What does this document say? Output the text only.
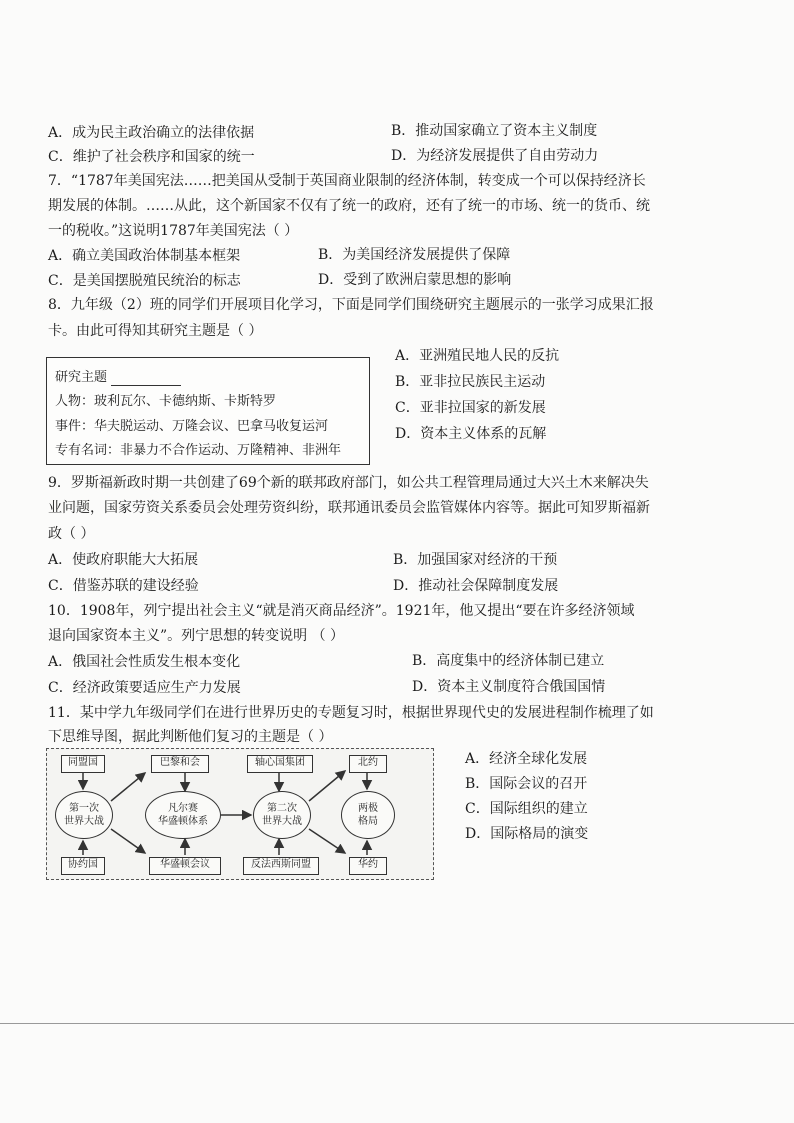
A．成为民主政治确立的法律依据	B．推动国家确立了资本主义制度
C．维护了社会秩序和国家的统一	D．为经济发展提供了自由劳动力
7．“1787年美国宪法……把美国从受制于英国商业限制的经济体制，转变成一个可以保持经济长
期发展的体制。……从此，这个新国家不仅有了统一的政府，还有了统一的市场、统一的货币、统
一的税收。”这说明1787年美国宪法（ ）
A．确立美国政治体制基本框架	B．为美国经济发展提供了保障
C．是美国摆脱殖民统治的标志	D．受到了欧洲启蒙思想的影响
8．九年级（2）班的同学们开展项目化学习，下面是同学们围绕研究主题展示的一张学习成果汇报
卡。由此可得知其研究主题是（ ）
研究主题
人物：玻利瓦尔、卡德纳斯、卡斯特罗
事件：华夫脱运动、万隆会议、巴拿马收复运河
专有名词：非暴力不合作运动、万隆精神、非洲年
A．亚洲殖民地人民的反抗
B．亚非拉民族民主运动
C．亚非拉国家的新发展
D．资本主义体系的瓦解
9．罗斯福新政时期一共创建了69个新的联邦政府部门，如公共工程管理局通过大兴土木来解决失
业问题，国家劳资关系委员会处理劳资纠纷，联邦通讯委员会监管媒体内容等。据此可知罗斯福新
政（ ）
A．使政府职能大大拓展	B．加强国家对经济的干预
C．借鉴苏联的建设经验	D．推动社会保障制度发展
10．1908年，列宁提出社会主义“就是消灭商品经济”。1921年，他又提出“要在许多经济领域
退向国家资本主义”。列宁思想的转变说明 （ ）
A．俄国社会性质发生根本变化	B．高度集中的经济体制已建立
C．经济政策要适应生产力发展	D．资本主义制度符合俄国国情
11．某中学九年级同学们在进行世界历史的专题复习时，根据世界现代史的发展进程制作梳理了如
下思维导图，据此判断他们复习的主题是（ ）
同盟国
协约国
第一次
世界大战
巴黎和会
华盛顿会议
凡尔赛
华盛顿体系
轴心国集团
反法西斯同盟
第二次
世界大战
北约
华约
两极
格局
A．经济全球化发展
B．国际会议的召开
C．国际组织的建立
D．国际格局的演变
